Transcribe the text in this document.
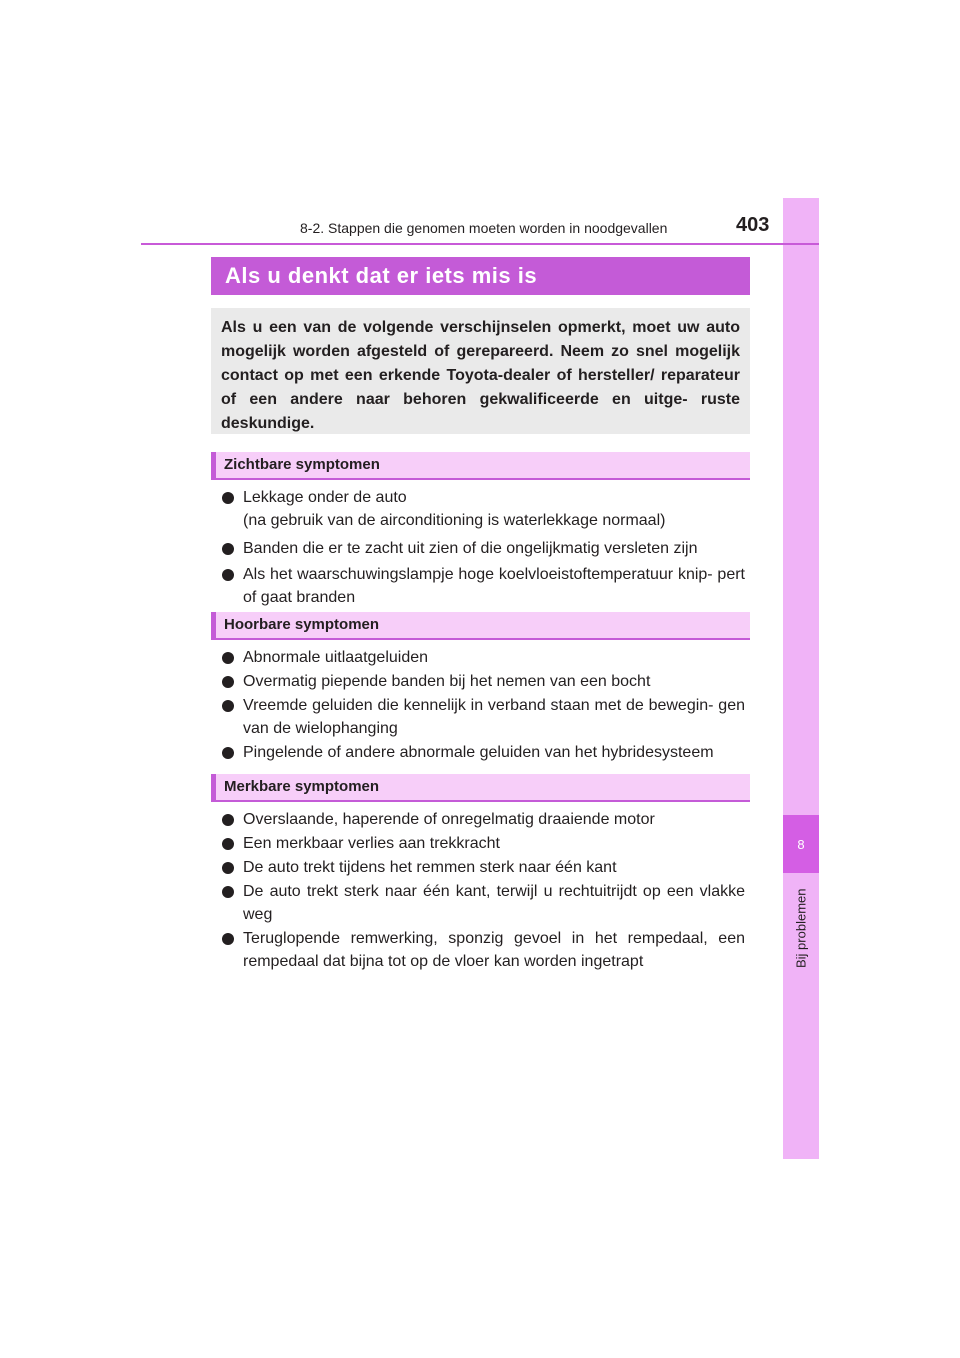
8
Bij problemen
8-2. Stappen die genomen moeten worden in noodgevallen	403
Als u denkt dat er iets mis is
Als u een van de volgende verschijnselen opmerkt, moet uw auto mogelijk worden afgesteld of gerepareerd. Neem zo snel mogelijk contact op met een erkende Toyota-dealer of hersteller/ reparateur of een andere naar behoren gekwalificeerde en uitge- ruste deskundige.
Zichtbare symptomen
Lekkage onder de auto
(na gebruik van de airconditioning is waterlekkage normaal)
Banden die er te zacht uit zien of die ongelijkmatig versleten zijn
Als het waarschuwingslampje hoge koelvloeistoftemperatuur knip- pert of gaat branden
Hoorbare symptomen
Abnormale uitlaatgeluiden
Overmatig piepende banden bij het nemen van een bocht
Vreemde geluiden die kennelijk in verband staan met de bewegin- gen van de wielophanging
Pingelende of andere abnormale geluiden van het hybridesysteem
Merkbare symptomen
Overslaande, haperende of onregelmatig draaiende motor
Een merkbaar verlies aan trekkracht
De auto trekt tijdens het remmen sterk naar één kant
De auto trekt sterk naar één kant, terwijl u rechtuitrijdt op een vlakke weg
Teruglopende remwerking, sponzig gevoel in het rempedaal, een rempedaal dat bijna tot op de vloer kan worden ingetrapt
